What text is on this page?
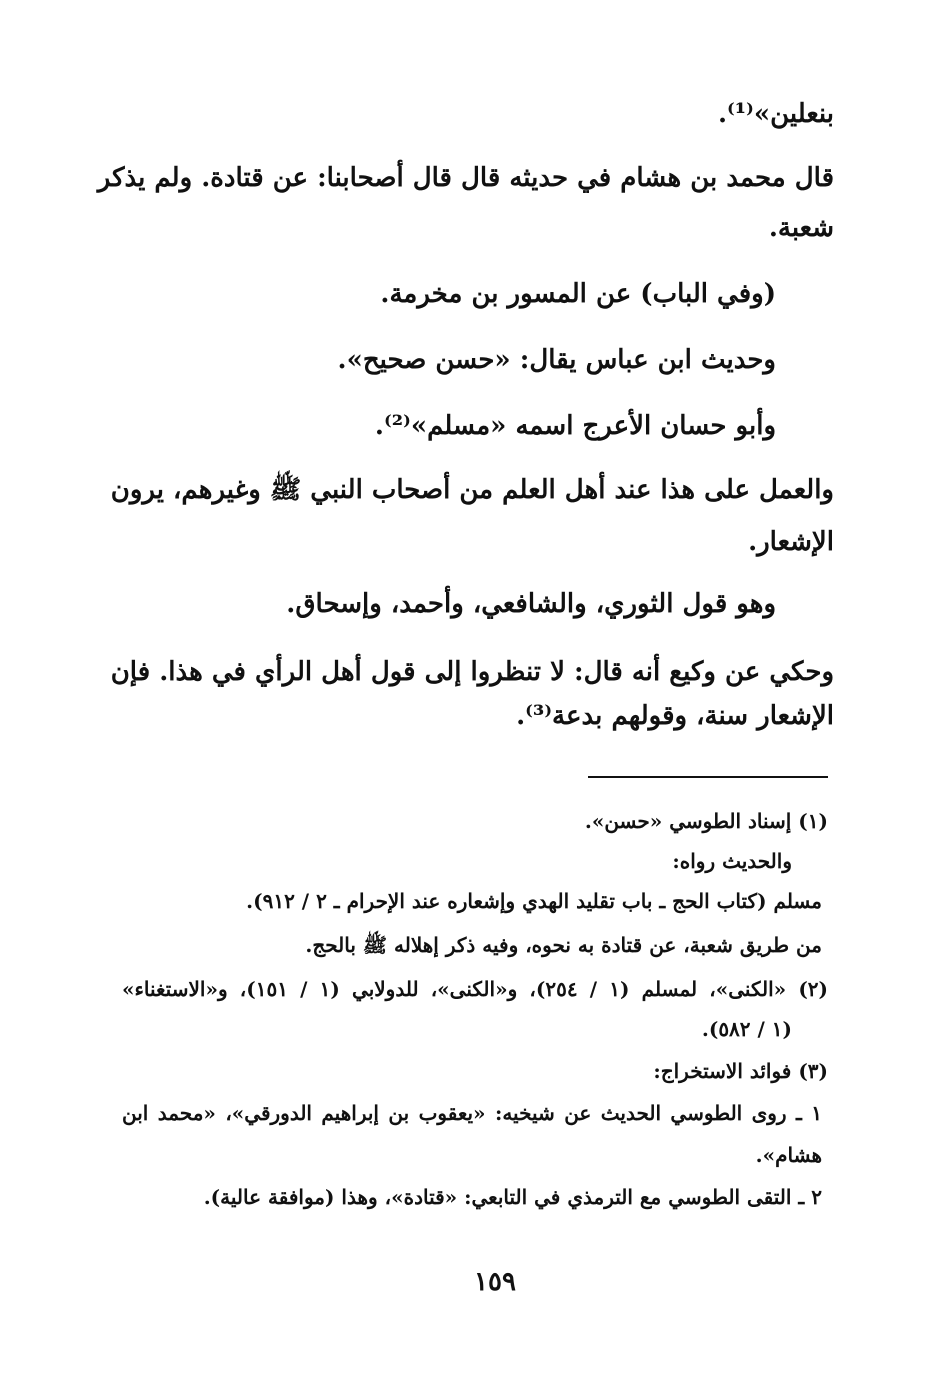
بنعلين»⁽¹⁾.
قال محمد بن هشام في حديثه قال قال أصحابنا: عن قتادة. ولم يذكر
شعبة.
(وفي الباب) عن المسور بن مخرمة.
وحديث ابن عباس يقال: «حسن صحيح».
وأبو حسان الأعرج اسمه «مسلم»⁽²⁾.
والعمل على هذا عند أهل العلم من أصحاب النبي ﷺ وغيرهم، يرون
الإشعار.
وهو قول الثوري، والشافعي، وأحمد، وإسحاق.
وحكي عن وكيع أنه قال: لا تنظروا إلى قول أهل الرأي في هذا. فإن
الإشعار سنة، وقولهم بدعة⁽³⁾.
(١) إسناد الطوسي «حسن».
والحديث رواه:
مسلم (كتاب الحج ـ باب تقليد الهدي وإشعاره عند الإحرام ـ ٢ / ٩١٢).
من طريق شعبة، عن قتادة به نحوه، وفيه ذكر إهلاله ﷺ بالحج.
(٢) «الكنى»، لمسلم (١ / ٢٥٤)، و«الكنى»، للدولابي (١ / ١٥١)، و«الاستغناء»
(١ / ٥٨٢).
(٣) فوائد الاستخراج:
١ ـ روى الطوسي الحديث عن شيخيه: «يعقوب بن إبراهيم الدورقي»، «محمد ابن
هشام».
٢ ـ التقى الطوسي مع الترمذي في التابعي: «قتادة»، وهذا (موافقة عالية).
١٥٩
